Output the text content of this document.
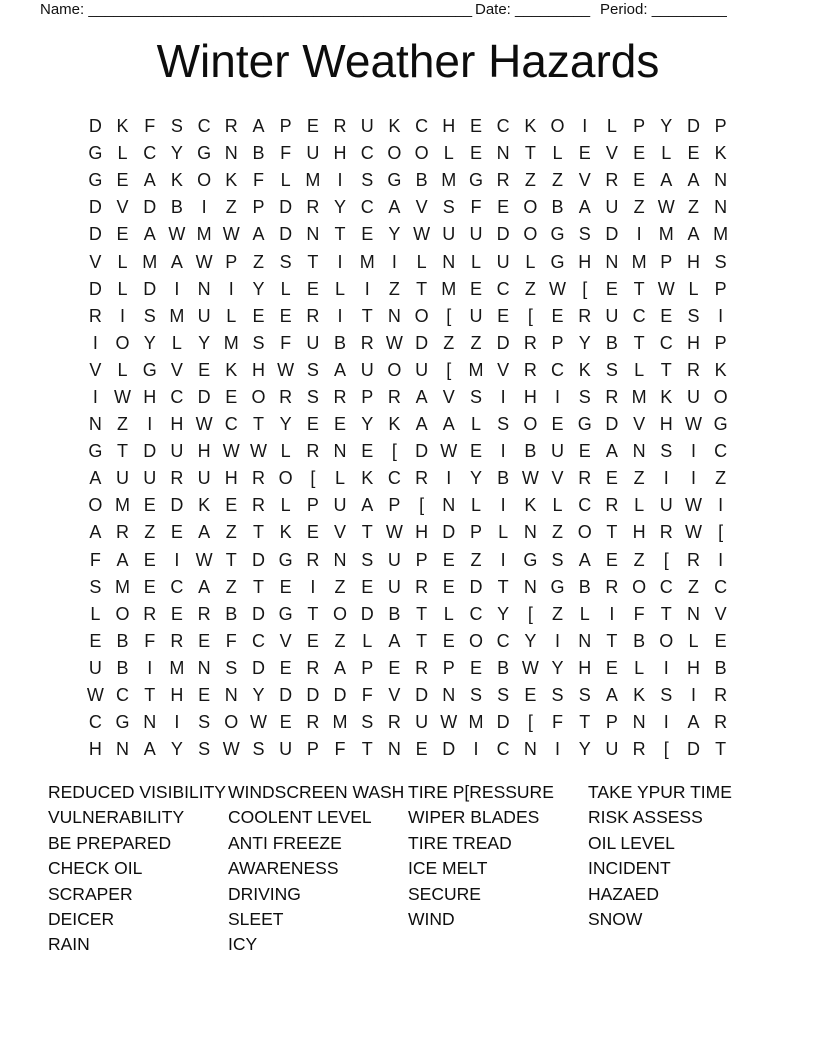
Name: ______________________________________________ Date: _________ Period: _________
Winter Weather Hazards
D K F S C R A P E R U K C H E C K O I	L P Y D P
G L C Y G N B F U H C O O L E N T L E V E L E K
G E A K O K F L M I	S G B M G R Z Z V R E A A N
D V D B	I	Z P D R Y C A V S F E O B A U Z W Z N
D E A W M W A D N T E Y W U U D O G S D	I M A M
V L M A W P Z S T	I M I	L N L U L G H N M P H S
D L D	I	N	I	Y L E L	I	Z T M E C Z W [	E T W L P
R	I	S M U L E E R	I	T N O [	U E	[	E R U C E S	I
I O Y L Y M S F U B R W D Z Z D R P Y B T C H P
V L G V E K H W S A U O U	[ M V R C K S L T R K
I W H C D E O R S R P R A V S	I	H	I	S R M K U O
N Z	I	H W C T Y E E Y K A A L S O E G D V H W G
G T D U H W W L R N E	[	D W E	I	B U E A N S	I	C
A U U R U H R O [	L K C R	I	Y B W V R E Z	I	I	Z
O M E D K E R L P U A P	[	N L	I	K L C R L U W I
A R Z E A Z T K E V T W H D P L N Z O T H R W [
F A E	I W T D G R N S U P E Z	I G S A E Z	[	R	I
S M E C A Z T E	I	Z E U R E D T N G B R O C Z C
L O R E R B D G T O D B T L C Y	[	Z L	I	F T N V
E B F R E F C V E Z L A T E O C Y	I	N T B O L E
U B	I M N S D E R A P E R P E B W Y H E L	I	H B
W C T H E N Y D D D F V D N S S E S S A K S	I	R
C G N	I	S O W E R M S R U W M D	[	F T P N	I	A R
H N A Y S W S U P F T N E D	I	C N	I	Y U R	[	D T
REDUCED VISIBILITY
VULNERABILITY
BE PREPARED
CHECK OIL
SCRAPER
DEICER
RAIN
WINDSCREEN WASH
COOLENT LEVEL
ANTI FREEZE
AWARENESS
DRIVING
SLEET
ICY
TIRE P[RESSURE
WIPER BLADES
TIRE TREAD
ICE MELT
SECURE
WIND
TAKE YPUR TIME
RISK ASSESS
OIL LEVEL
INCIDENT
HAZAED
SNOW
